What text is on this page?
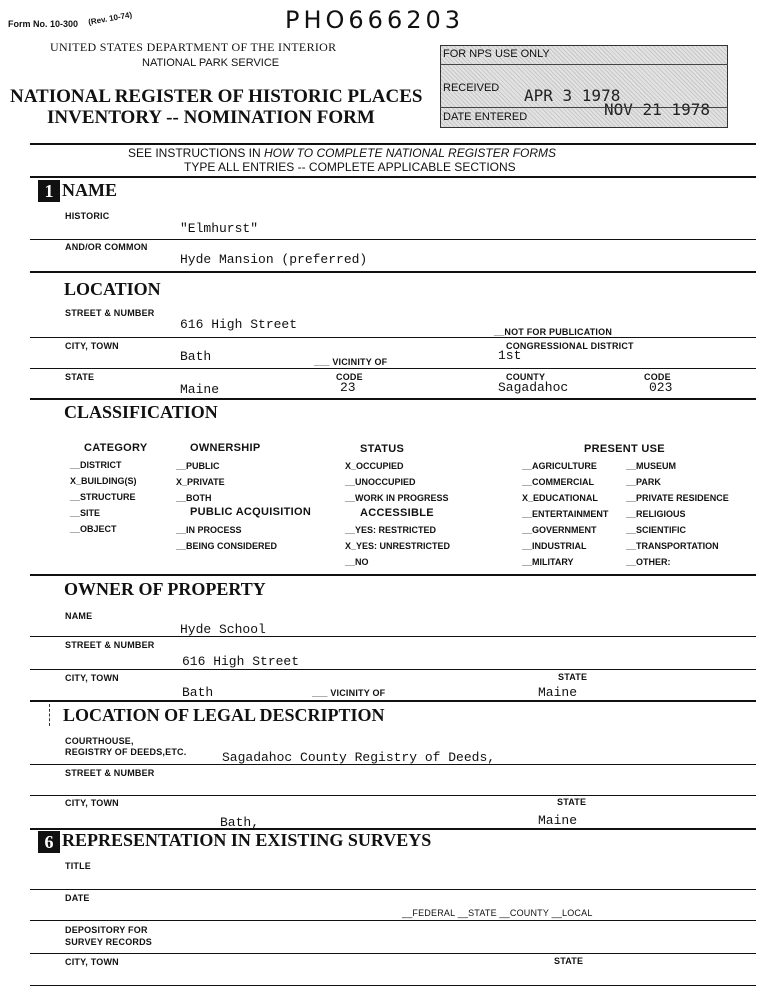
Form No. 10-300 (Rev. 10-74)	PHO666203
UNITED STATES DEPARTMENT OF THE INTERIOR
NATIONAL PARK SERVICE
NATIONAL REGISTER OF HISTORIC PLACES
INVENTORY -- NOMINATION FORM
FOR NPS USE ONLY
RECEIVED APR 3 1978
NOV 21 1978
DATE ENTERED
SEE INSTRUCTIONS IN HOW TO COMPLETE NATIONAL REGISTER FORMS
TYPE ALL ENTRIES -- COMPLETE APPLICABLE SECTIONS
1 NAME
HISTORIC
"Elmhurst"
AND/OR COMMON
Hyde Mansion (preferred)
LOCATION
STREET & NUMBER
616 High Street	__NOT FOR PUBLICATION
CITY, TOWN
Bath	___ VICINITY OF
CONGRESSIONAL DISTRICT
1st
STATE
Maine
CODE
23
COUNTY
Sagadahoc
CODE
023
CLASSIFICATION
CATEGORY
__DISTRICT
X_BUILDING(S)
__STRUCTURE
__SITE
__OBJECT
OWNERSHIP
__PUBLIC
X_PRIVATE
__BOTH
PUBLIC ACQUISITION
__IN PROCESS
__BEING CONSIDERED
STATUS
X_OCCUPIED
__UNOCCUPIED
__WORK IN PROGRESS
ACCESSIBLE
__YES: RESTRICTED
X_YES: UNRESTRICTED
__NO
PRESENT USE
__AGRICULTURE
__COMMERCIAL
X_EDUCATIONAL
__ENTERTAINMENT
__GOVERNMENT
__INDUSTRIAL
__MILITARY
__MUSEUM
__PARK
__PRIVATE RESIDENCE
__RELIGIOUS
__SCIENTIFIC
__TRANSPORTATION
__OTHER:
OWNER OF PROPERTY
NAME
Hyde School
STREET & NUMBER
616 High Street
CITY, TOWN
Bath	___ VICINITY OF
STATE
Maine
LOCATION OF LEGAL DESCRIPTION
COURTHOUSE,
REGISTRY OF DEEDS,ETC.	Sagadahoc County Registry of Deeds,
STREET & NUMBER
CITY, TOWN
Bath,
STATE
Maine
6 REPRESENTATION IN EXISTING SURVEYS
TITLE
DATE
__FEDERAL __STATE __COUNTY __LOCAL
DEPOSITORY FOR
SURVEY RECORDS
CITY, TOWN	STATE
